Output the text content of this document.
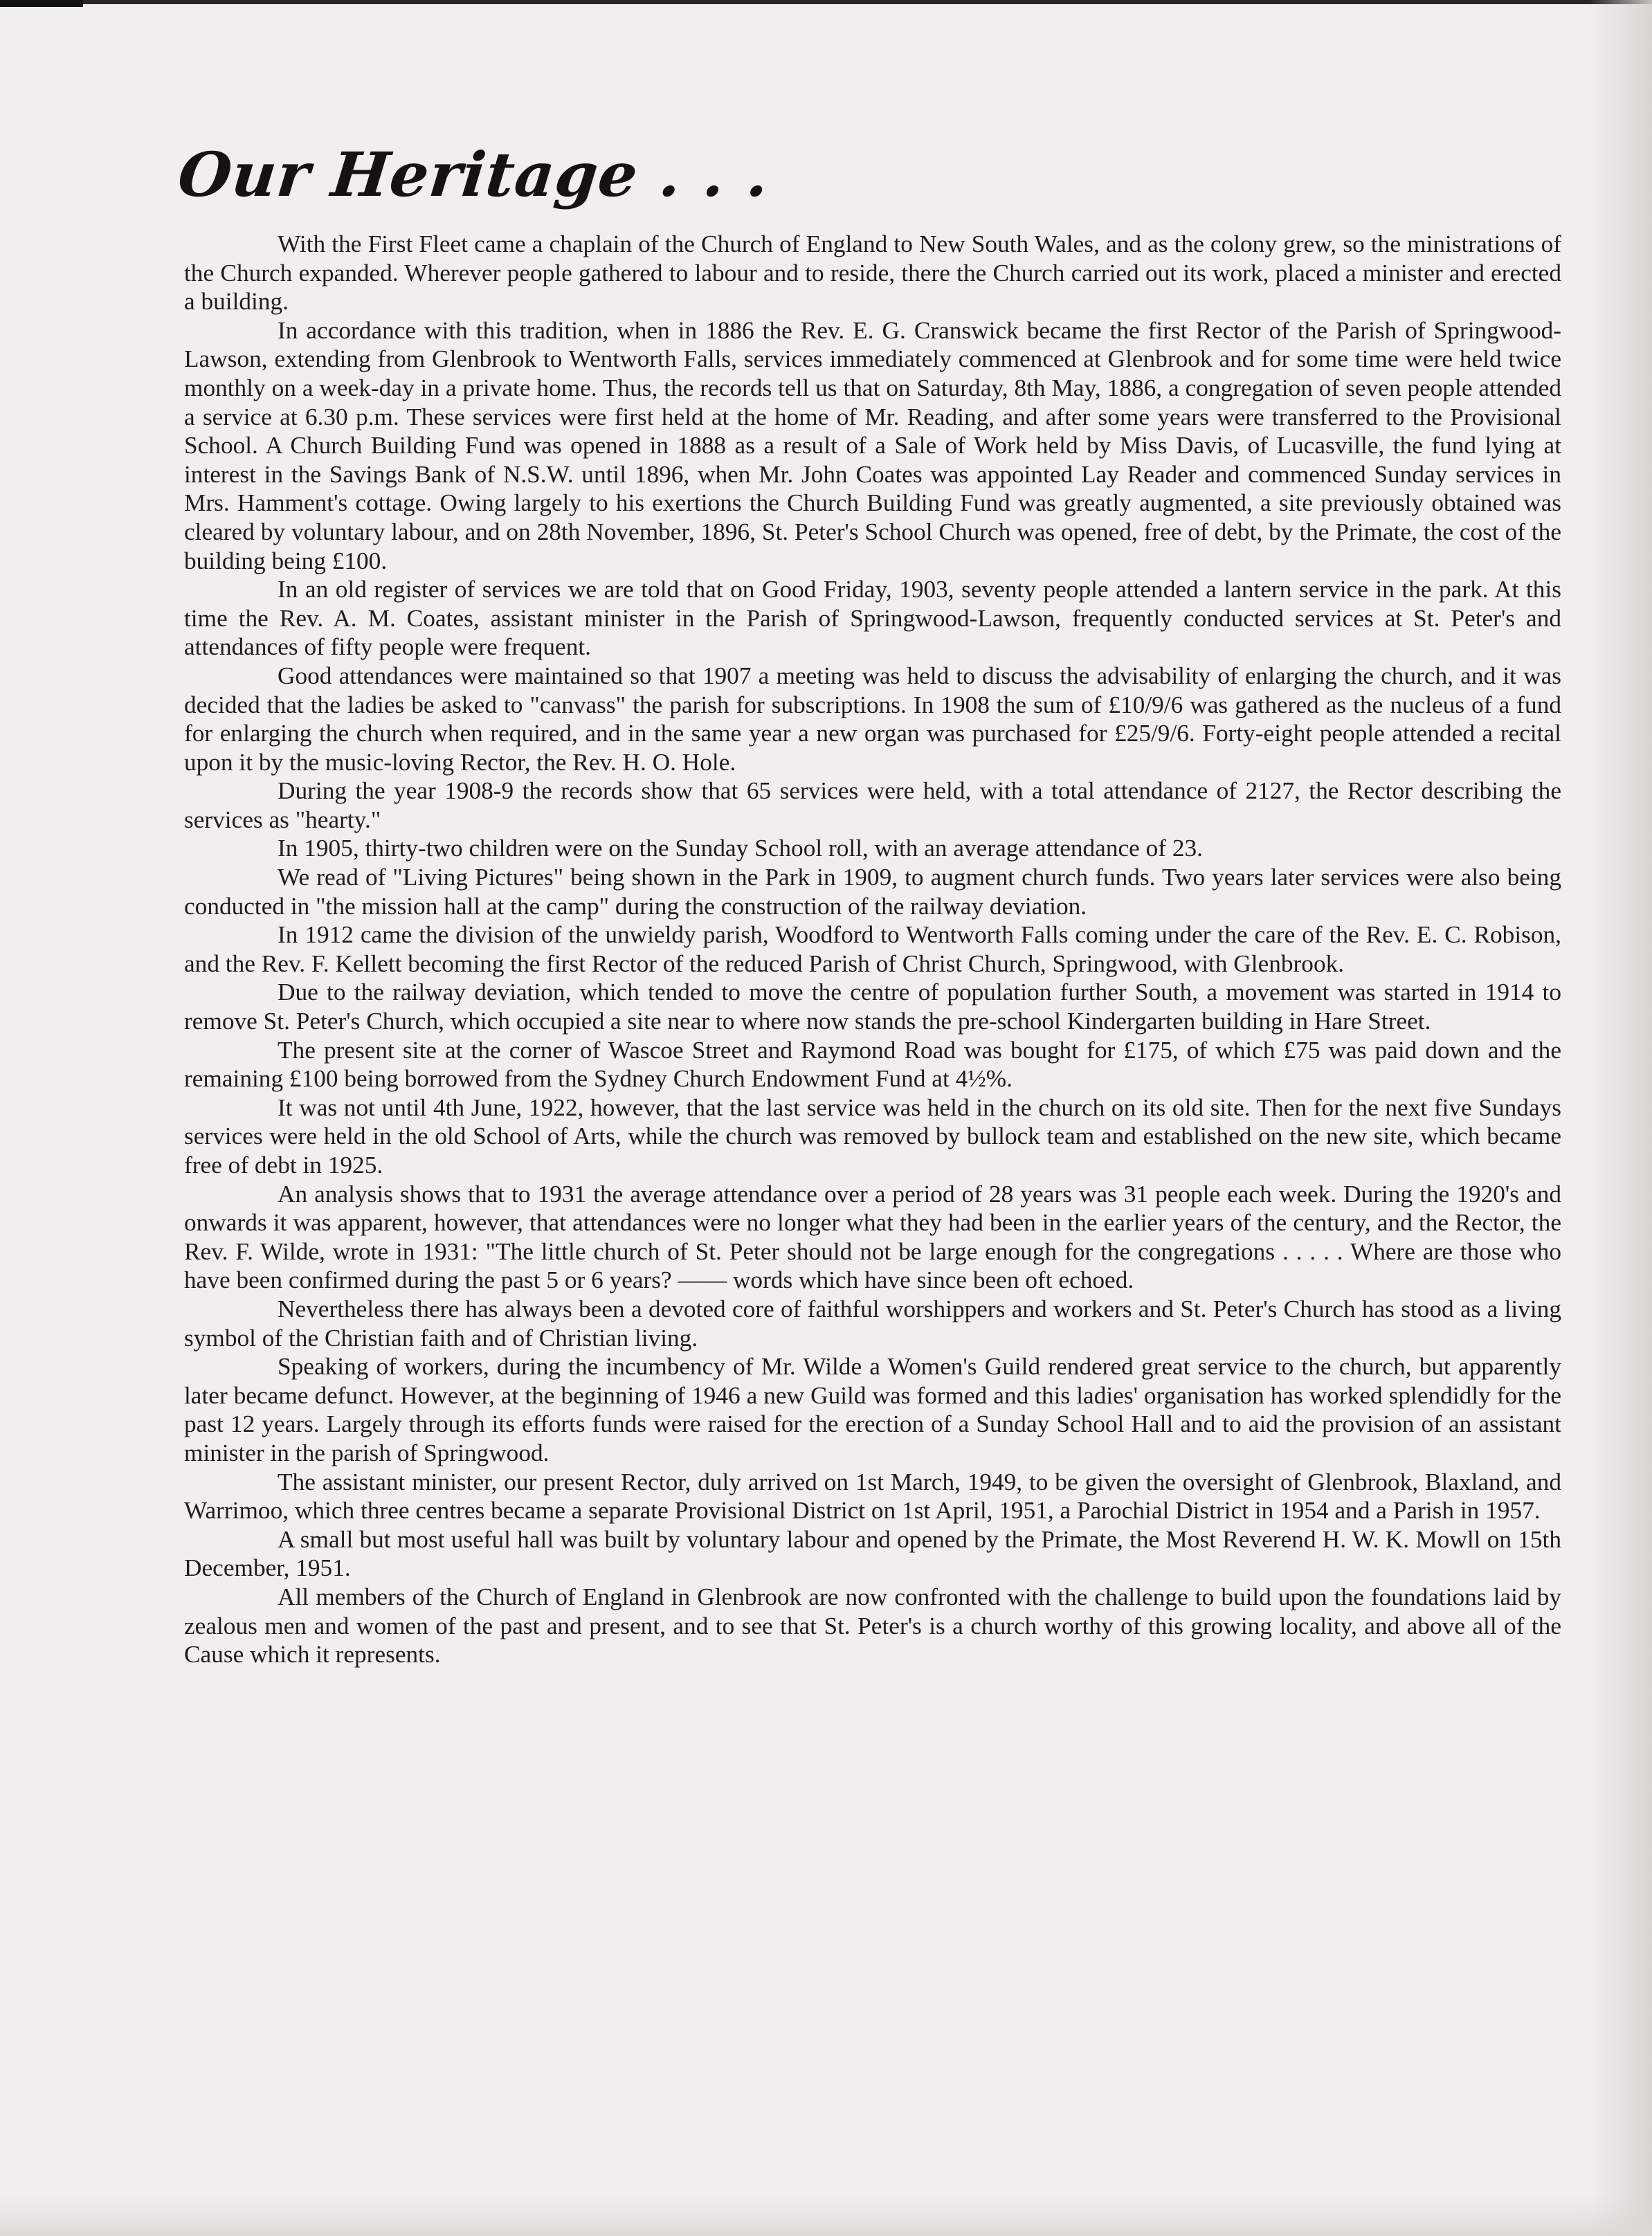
Our Heritage . . .

With the First Fleet came a chaplain of the Church of England to New South Wales, and as the colony grew, so the ministrations of the Church expanded. Wherever people gathered to labour and to reside, there the Church carried out its work, placed a minister and erected a building.

In accordance with this tradition, when in 1886 the Rev. E. G. Cranswick became the first Rector of the Parish of Springwood-Lawson, extending from Glenbrook to Wentworth Falls, services immediately commenced at Glenbrook and for some time were held twice monthly on a week-day in a private home. Thus, the records tell us that on Saturday, 8th May, 1886, a congregation of seven people attended a service at 6.30 p.m. These services were first held at the home of Mr. Reading, and after some years were transferred to the Provisional School. A Church Building Fund was opened in 1888 as a result of a Sale of Work held by Miss Davis, of Lucasville, the fund lying at interest in the Savings Bank of N.S.W. until 1896, when Mr. John Coates was appointed Lay Reader and commenced Sunday services in Mrs. Hamment's cottage. Owing largely to his exertions the Church Building Fund was greatly augmented, a site previously obtained was cleared by voluntary labour, and on 28th November, 1896, St. Peter's School Church was opened, free of debt, by the Primate, the cost of the building being £100.

In an old register of services we are told that on Good Friday, 1903, seventy people attended a lantern service in the park. At this time the Rev. A. M. Coates, assistant minister in the Parish of Springwood-Lawson, frequently conducted services at St. Peter's and attendances of fifty people were frequent.

Good attendances were maintained so that 1907 a meeting was held to discuss the advisability of enlarging the church, and it was decided that the ladies be asked to "canvass" the parish for subscriptions. In 1908 the sum of £10/9/6 was gathered as the nucleus of a fund for enlarging the church when required, and in the same year a new organ was purchased for £25/9/6. Forty-eight people attended a recital upon it by the music-loving Rector, the Rev. H. O. Hole.

During the year 1908-9 the records show that 65 services were held, with a total attendance of 2127, the Rector describing the services as "hearty."

In 1905, thirty-two children were on the Sunday School roll, with an average attendance of 23.

We read of "Living Pictures" being shown in the Park in 1909, to augment church funds. Two years later services were also being conducted in "the mission hall at the camp" during the construction of the railway deviation.

In 1912 came the division of the unwieldy parish, Woodford to Wentworth Falls coming under the care of the Rev. E. C. Robison, and the Rev. F. Kellett becoming the first Rector of the reduced Parish of Christ Church, Springwood, with Glenbrook.

Due to the railway deviation, which tended to move the centre of population further South, a movement was started in 1914 to remove St. Peter's Church, which occupied a site near to where now stands the pre-school Kindergarten building in Hare Street.

The present site at the corner of Wascoe Street and Raymond Road was bought for £175, of which £75 was paid down and the remaining £100 being borrowed from the Sydney Church Endowment Fund at 4½%.

It was not until 4th June, 1922, however, that the last service was held in the church on its old site. Then for the next five Sundays services were held in the old School of Arts, while the church was removed by bullock team and established on the new site, which became free of debt in 1925.

An analysis shows that to 1931 the average attendance over a period of 28 years was 31 people each week. During the 1920's and onwards it was apparent, however, that attendances were no longer what they had been in the earlier years of the century, and the Rector, the Rev. F. Wilde, wrote in 1931: "The little church of St. Peter should not be large enough for the congregations . . . . . Where are those who have been confirmed during the past 5 or 6 years? —— words which have since been oft echoed.

Nevertheless there has always been a devoted core of faithful worshippers and workers and St. Peter's Church has stood as a living symbol of the Christian faith and of Christian living.

Speaking of workers, during the incumbency of Mr. Wilde a Women's Guild rendered great service to the church, but apparently later became defunct. However, at the beginning of 1946 a new Guild was formed and this ladies' organisation has worked splendidly for the past 12 years. Largely through its efforts funds were raised for the erection of a Sunday School Hall and to aid the provision of an assistant minister in the parish of Springwood.

The assistant minister, our present Rector, duly arrived on 1st March, 1949, to be given the oversight of Glenbrook, Blaxland, and Warrimoo, which three centres became a separate Provisional District on 1st April, 1951, a Parochial District in 1954 and a Parish in 1957.

A small but most useful hall was built by voluntary labour and opened by the Primate, the Most Reverend H. W. K. Mowll on 15th December, 1951.

All members of the Church of England in Glenbrook are now confronted with the challenge to build upon the foundations laid by zealous men and women of the past and present, and to see that St. Peter's is a church worthy of this growing locality, and above all of the Cause which it represents.
